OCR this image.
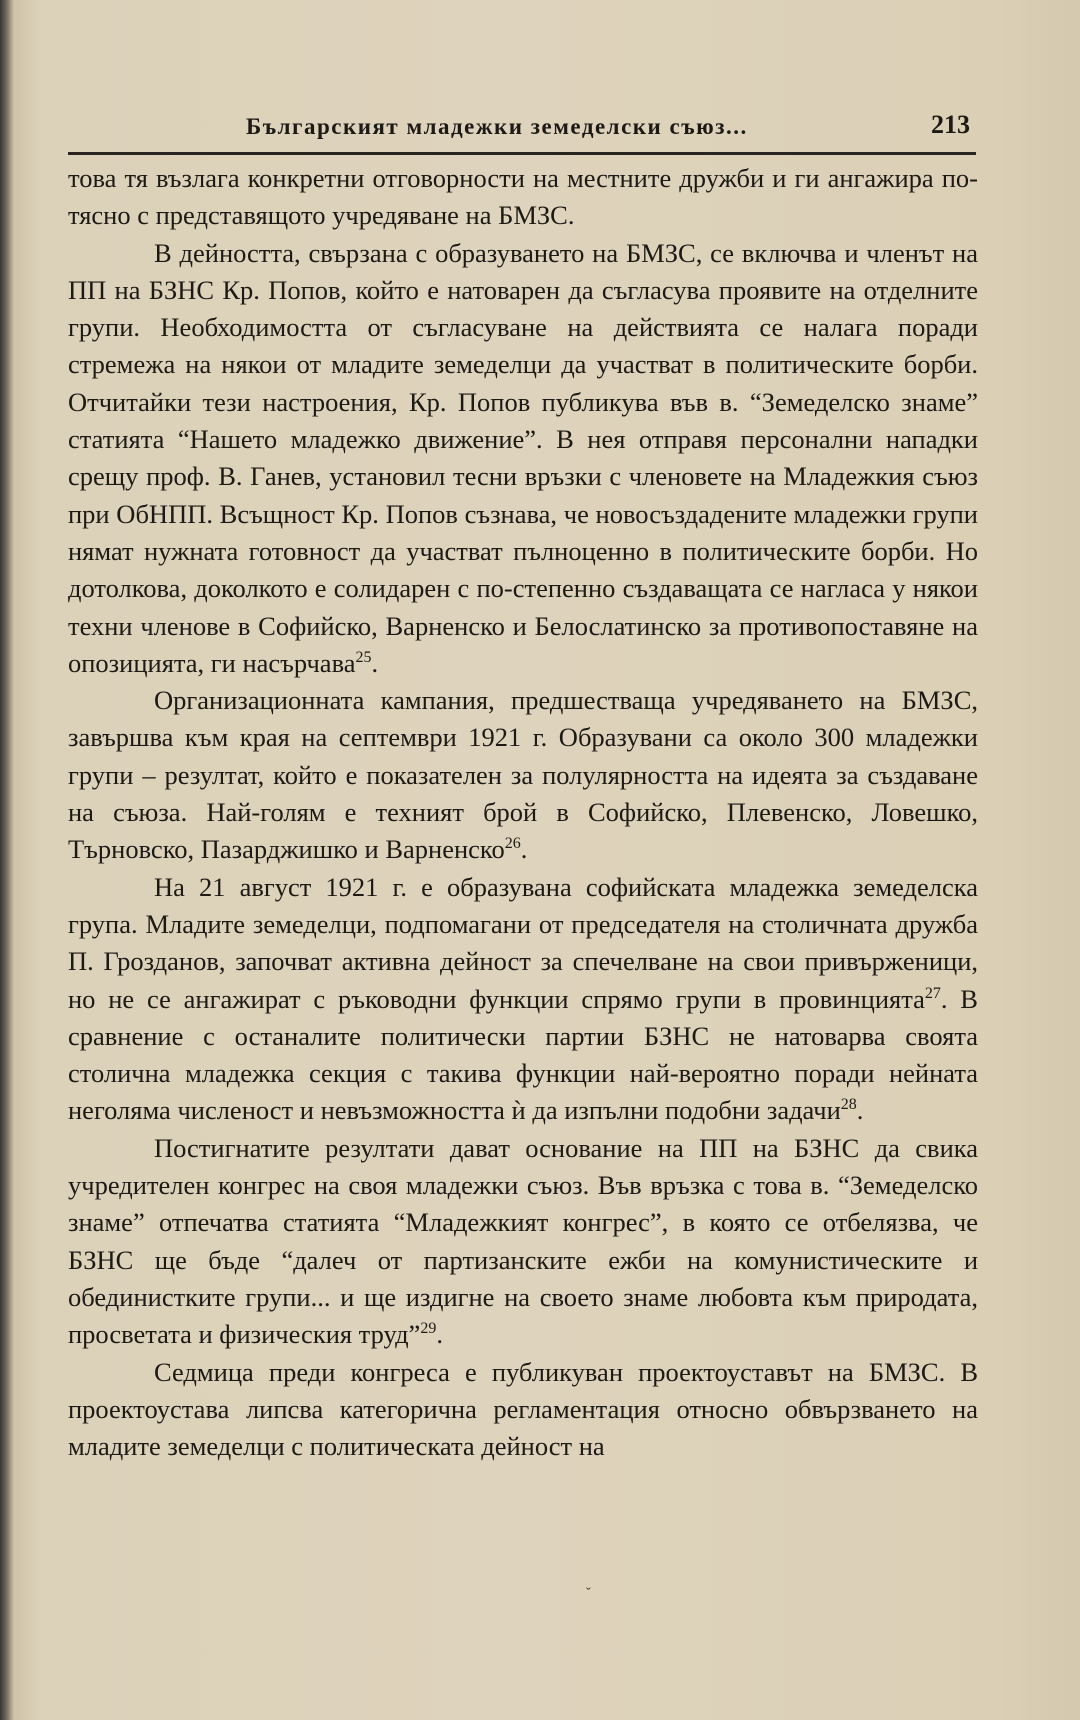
Българският младежки земеделски съюз...	213

това тя възлага конкретни отговорности на местните дружби и ги ангажира по-тясно с представящото учредяване на БМЗС.

В дейността, свързана с образуването на БМЗС, се включва и членът на ПП на БЗНС Кр. Попов, който е натоварен да съгласува проявите на отделните групи. Необходимостта от съгласуване на действията се налага поради стремежа на някои от младите земеделци да участват в политическите борби. Отчитайки тези настроения, Кр. Попов публикува във в. “Земеделско знаме” статията “Нашето младежко движение”. В нея отправя персонални нападки срещу проф. В. Ганев, установил тесни връзки с членовете на Младежкия съюз при ОбНПП. Всъщност Кр. Попов съзнава, че новосъздадените младежки групи нямат нужната готовност да участват пълноценно в политическите борби. Но дотолкова, доколкото е солидарен с по-степенно създаващата се нагласа у някои техни членове в Софийско, Варненско и Белослатинско за противопоставяне на опозицията, ги насърчава$^{25}$.

Организационната кампания, предшестваща учредяването на БМЗС, завършва към края на септември 1921 г. Образувани са около 300 младежки групи – резултат, който е показателен за полулярността на идеята за създаване на съюза. Най-голям е техният брой в Софийско, Плевенско, Ловешко, Търновско, Пазарджишко и Варненско$^{26}$.

На 21 август 1921 г. е образувана софийската младежка земеделска група. Младите земеделци, подпомагани от председателя на столичната дружба П. Грозданов, започват активна дейност за спечелване на свои привърженици, но не се ангажират с ръководни функции спрямо групи в провинцията$^{27}$. В сравнение с останалите политически партии БЗНС не натоварва своята столична младежка секция с такива функции най-вероятно поради нейната неголяма численост и невъзможността ѝ да изпълни подобни задачи$^{28}$.

Постигнатите резултати дават основание на ПП на БЗНС да свика учредителен конгрес на своя младежки съюз. Във връзка с това в. “Земеделско знаме” отпечатва статията “Младежкият конгрес”, в която се отбелязва, че БЗНС ще бъде “далеч от партизанските ежби на комунистическите и обединистките групи... и ще издигне на своето знаме любовта към природата, просветата и физическия труд”$^{29}$.

Седмица преди конгреса е публикуван проектоуставът на БМЗС. В проектоустава липсва категорична регламентация относно обвързването на младите земеделци с политическата дейност на

ˇ
